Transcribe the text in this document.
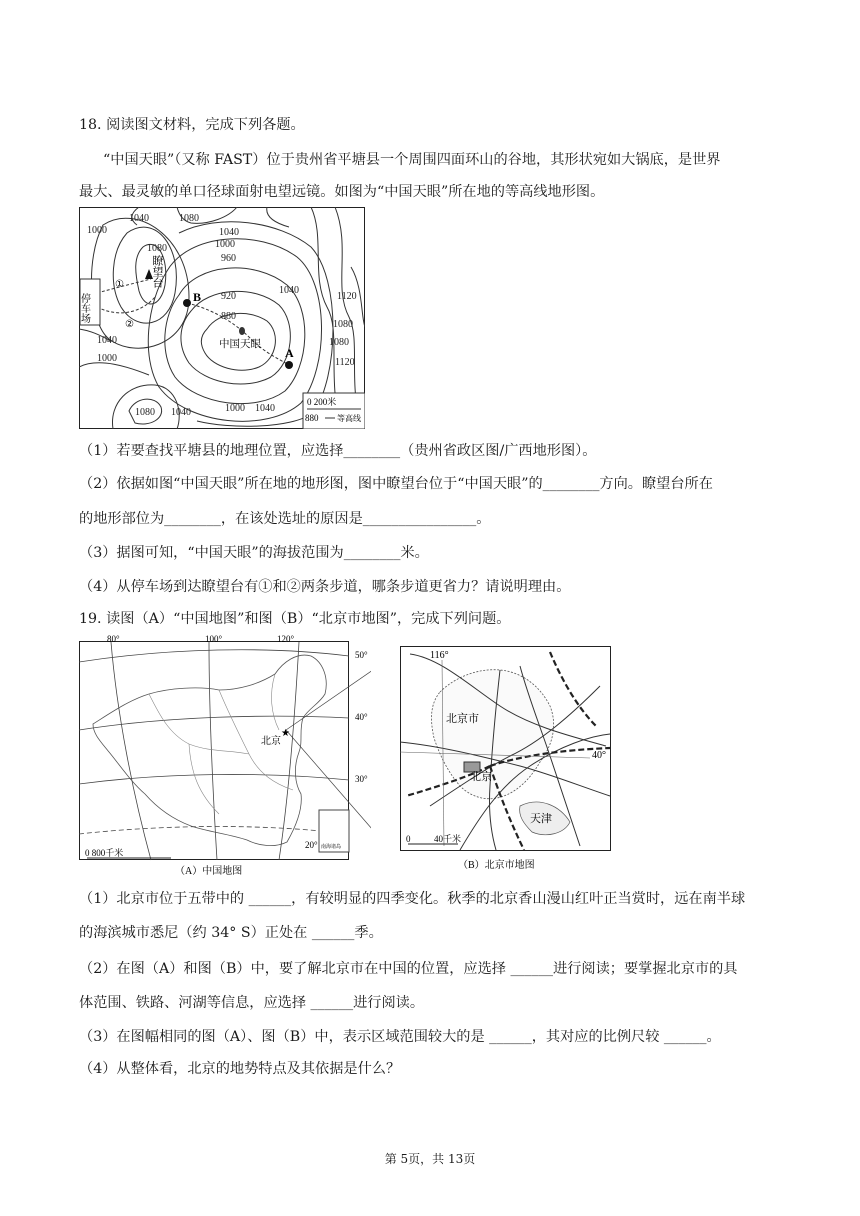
18. 阅读图文材料，完成下列各题。
“中国天眼”（又称 FAST）位于贵州省平塘县一个周围四面环山的谷地，其形状宛如大锅底，是世界
最大、最灵敏的单口径球面射电望远镜。如图为“中国天眼”所在地的等高线地形图。
停车场
①
②
瞭望台
B
A
中国天眼
1040	1080
1000
1080
1040
1000
960
920
880
1040
1120
1080
1080
1120
1040
1000
1080 1040	1000 1040
0 200米
880 等高线
（1）若要查找平塘县的地理位置，应选择________（贵州省政区图/广西地形图）。
（2）依据如图“中国天眼”所在地的地形图，图中瞭望台位于“中国天眼”的________方向。瞭望台所在
的地形部位为________，在该处选址的原因是________________。
（3）据图可知，“中国天眼”的海拔范围为________米。
（4）从停车场到达瞭望台有①和②两条步道，哪条步道更省力？请说明理由。
19. 读图（A）“中国地图”和图（B）“北京市地图”，完成下列问题。
南海诸岛
★
北京
80°	100°	120°
50°
40°
30°
20°
0 800千米
（A）中国地图
116°
40°
北京市
北京
天津
0	40千米
（B）北京市地图
（1）北京市位于五带中的 ______，有较明显的四季变化。秋季的北京香山漫山红叶正当赏时，远在南半球
的海滨城市悉尼（约 34° S）正处在 ______季。
（2）在图（A）和图（B）中，要了解北京市在中国的位置，应选择 ______进行阅读；要掌握北京市的具
体范围、铁路、河湖等信息，应选择 ______进行阅读。
（3）在图幅相同的图（A）、图（B）中，表示区域范围较大的是 ______，其对应的比例尺较 ______。
（4）从整体看，北京的地势特点及其依据是什么？
第 5页，共 13页
